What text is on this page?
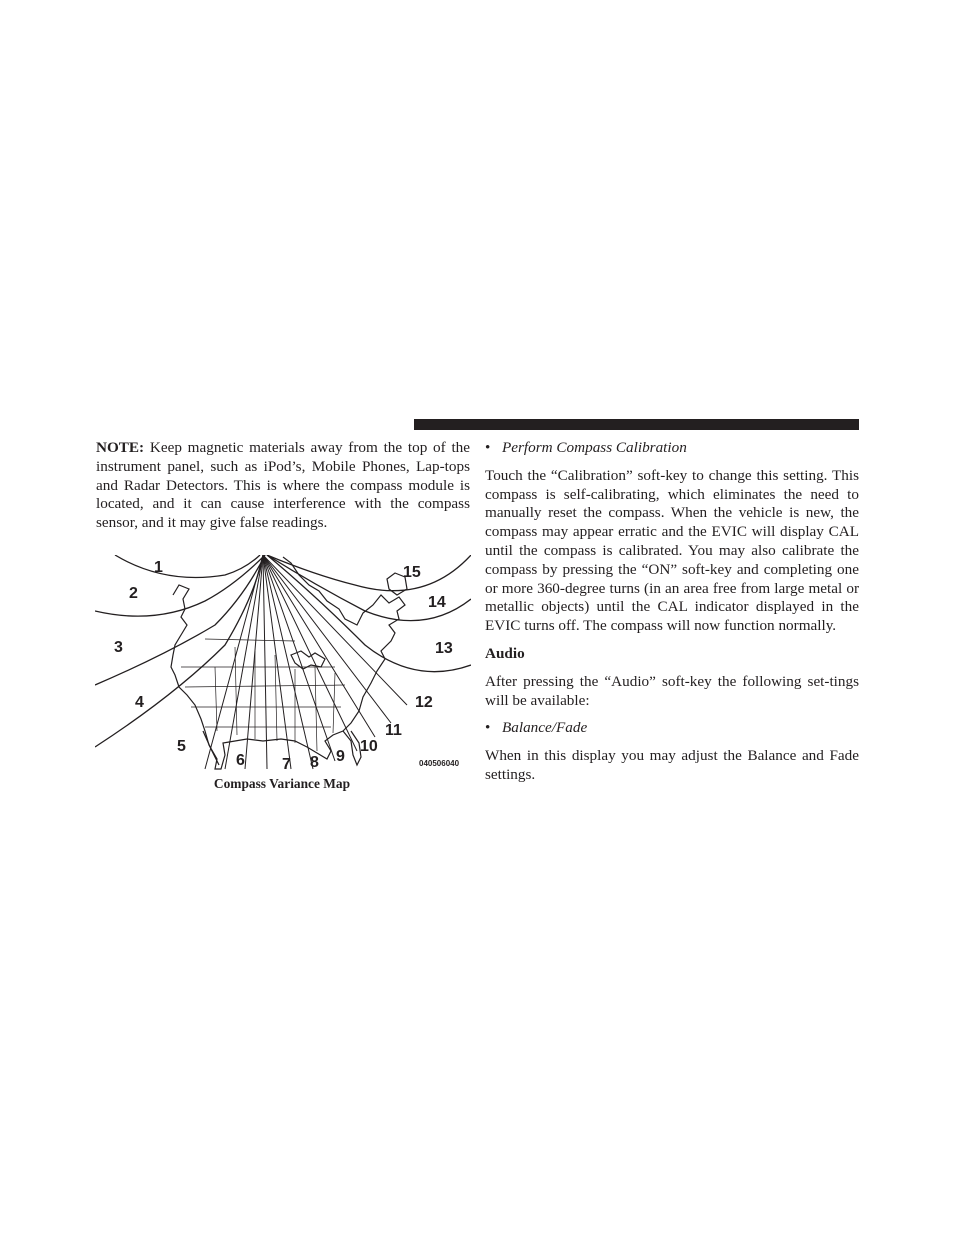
NOTE: Keep magnetic materials away from the top of the instrument panel, such as iPod’s, Mobile Phones, Lap-tops and Radar Detectors. This is where the compass module is located, and it can cause interference with the compass sensor, and it may give false readings.

1
2
3
4
5
6 7 8 9
10
11
12
13
14
15
040506040
Compass Variance Map

• Perform Compass Calibration

Touch the “Calibration” soft-key to change this setting. This compass is self-calibrating, which eliminates the need to manually reset the compass. When the vehicle is new, the compass may appear erratic and the EVIC will display CAL until the compass is calibrated. You may also calibrate the compass by pressing the “ON” soft-key and completing one or more 360-degree turns (in an area free from large metal or metallic objects) until the CAL indicator displayed in the EVIC turns off. The compass will now function normally.

Audio

After pressing the “Audio” soft-key the following set-tings will be available:

• Balance/Fade

When in this display you may adjust the Balance and Fade settings.
